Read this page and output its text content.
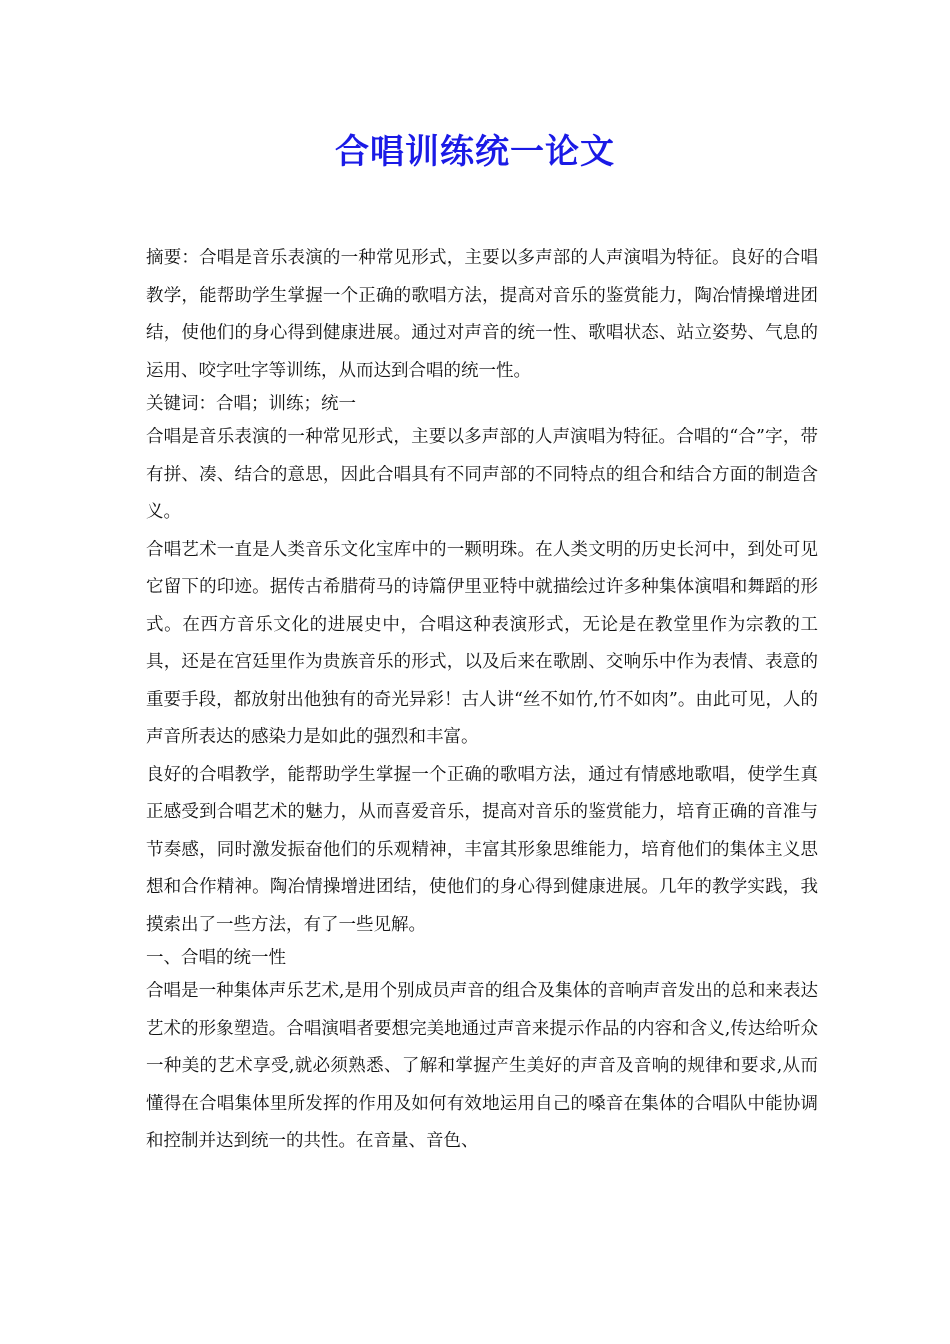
合唱训练统一论文

摘要：合唱是音乐表演的一种常见形式，主要以多声部的人声演唱为特征。良好的合唱教学，能帮助学生掌握一个正确的歌唱方法，提高对音乐的鉴赏能力，陶冶情操增进团结，使他们的身心得到健康进展。通过对声音的统一性、歌唱状态、站立姿势、气息的运用、咬字吐字等训练，从而达到合唱的统一性。

关键词：合唱；训练；统一

合唱是音乐表演的一种常见形式，主要以多声部的人声演唱为特征。合唱的“合”字，带有拼、凑、结合的意思，因此合唱具有不同声部的不同特点的组合和结合方面的制造含义。

合唱艺术一直是人类音乐文化宝库中的一颗明珠。在人类文明的历史长河中，到处可见它留下的印迹。据传古希腊荷马的诗篇伊里亚特中就描绘过许多种集体演唱和舞蹈的形式。在西方音乐文化的进展史中，合唱这种表演形式，无论是在教堂里作为宗教的工具，还是在宫廷里作为贵族音乐的形式，以及后来在歌剧、交响乐中作为表情、表意的重要手段，都放射出他独有的奇光异彩！古人讲“丝不如竹,竹不如肉”。由此可见，人的声音所表达的感染力是如此的强烈和丰富。

良好的合唱教学，能帮助学生掌握一个正确的歌唱方法，通过有情感地歌唱，使学生真正感受到合唱艺术的魅力，从而喜爱音乐，提高对音乐的鉴赏能力，培育正确的音准与节奏感，同时激发振奋他们的乐观精神，丰富其形象思维能力，培育他们的集体主义思想和合作精神。陶冶情操增进团结，使他们的身心得到健康进展。几年的教学实践，我摸索出了一些方法，有了一些见解。

一、合唱的统一性

合唱是一种集体声乐艺术,是用个别成员声音的组合及集体的音响声音发出的总和来表达艺术的形象塑造。合唱演唱者要想完美地通过声音来提示作品的内容和含义,传达给听众一种美的艺术享受,就必须熟悉、了解和掌握产生美好的声音及音响的规律和要求,从而懂得在合唱集体里所发挥的作用及如何有效地运用自己的嗓音在集体的合唱队中能协调和控制并达到统一的共性。在音量、音色、
